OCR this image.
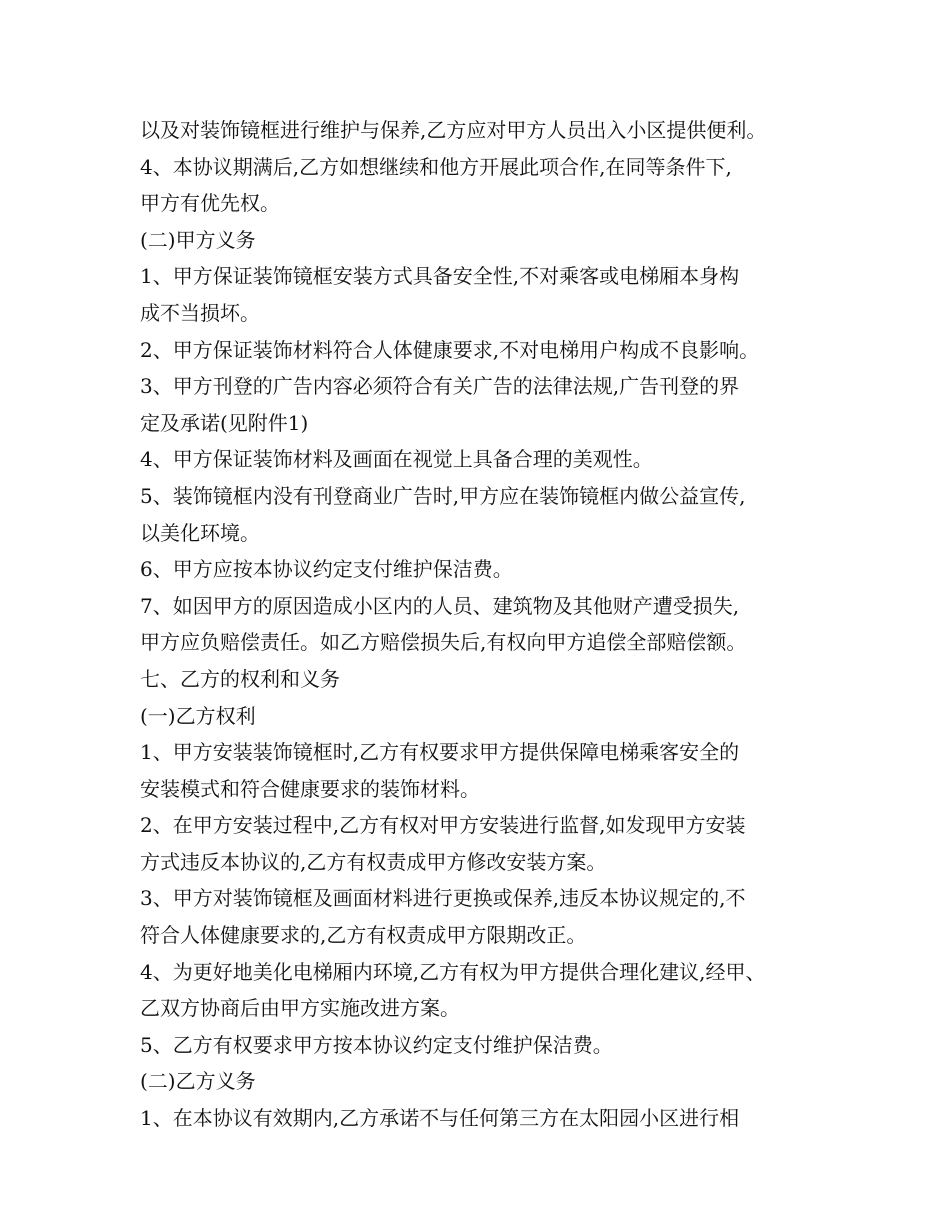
以及对装饰镜框进行维护与保养,乙方应对甲方人员出入小区提供便利。
4、本协议期满后,乙方如想继续和他方开展此项合作,在同等条件下,
甲方有优先权。
(二)甲方义务
1、甲方保证装饰镜框安装方式具备安全性,不对乘客或电梯厢本身构
成不当损坏。
2、甲方保证装饰材料符合人体健康要求,不对电梯用户构成不良影响。
3、甲方刊登的广告内容必须符合有关广告的法律法规,广告刊登的界
定及承诺(见附件1)
4、甲方保证装饰材料及画面在视觉上具备合理的美观性。
5、装饰镜框内没有刊登商业广告时,甲方应在装饰镜框内做公益宣传,
以美化环境。
6、甲方应按本协议约定支付维护保洁费。
7、如因甲方的原因造成小区内的人员、建筑物及其他财产遭受损失,
甲方应负赔偿责任。如乙方赔偿损失后,有权向甲方追偿全部赔偿额。
七、乙方的权利和义务
(一)乙方权利
1、甲方安装装饰镜框时,乙方有权要求甲方提供保障电梯乘客安全的
安装模式和符合健康要求的装饰材料。
2、在甲方安装过程中,乙方有权对甲方安装进行监督,如发现甲方安装
方式违反本协议的,乙方有权责成甲方修改安装方案。
3、甲方对装饰镜框及画面材料进行更换或保养,违反本协议规定的,不
符合人体健康要求的,乙方有权责成甲方限期改正。
4、为更好地美化电梯厢内环境,乙方有权为甲方提供合理化建议,经甲、
乙双方协商后由甲方实施改进方案。
5、乙方有权要求甲方按本协议约定支付维护保洁费。
(二)乙方义务
1、在本协议有效期内,乙方承诺不与任何第三方在太阳园小区进行相
